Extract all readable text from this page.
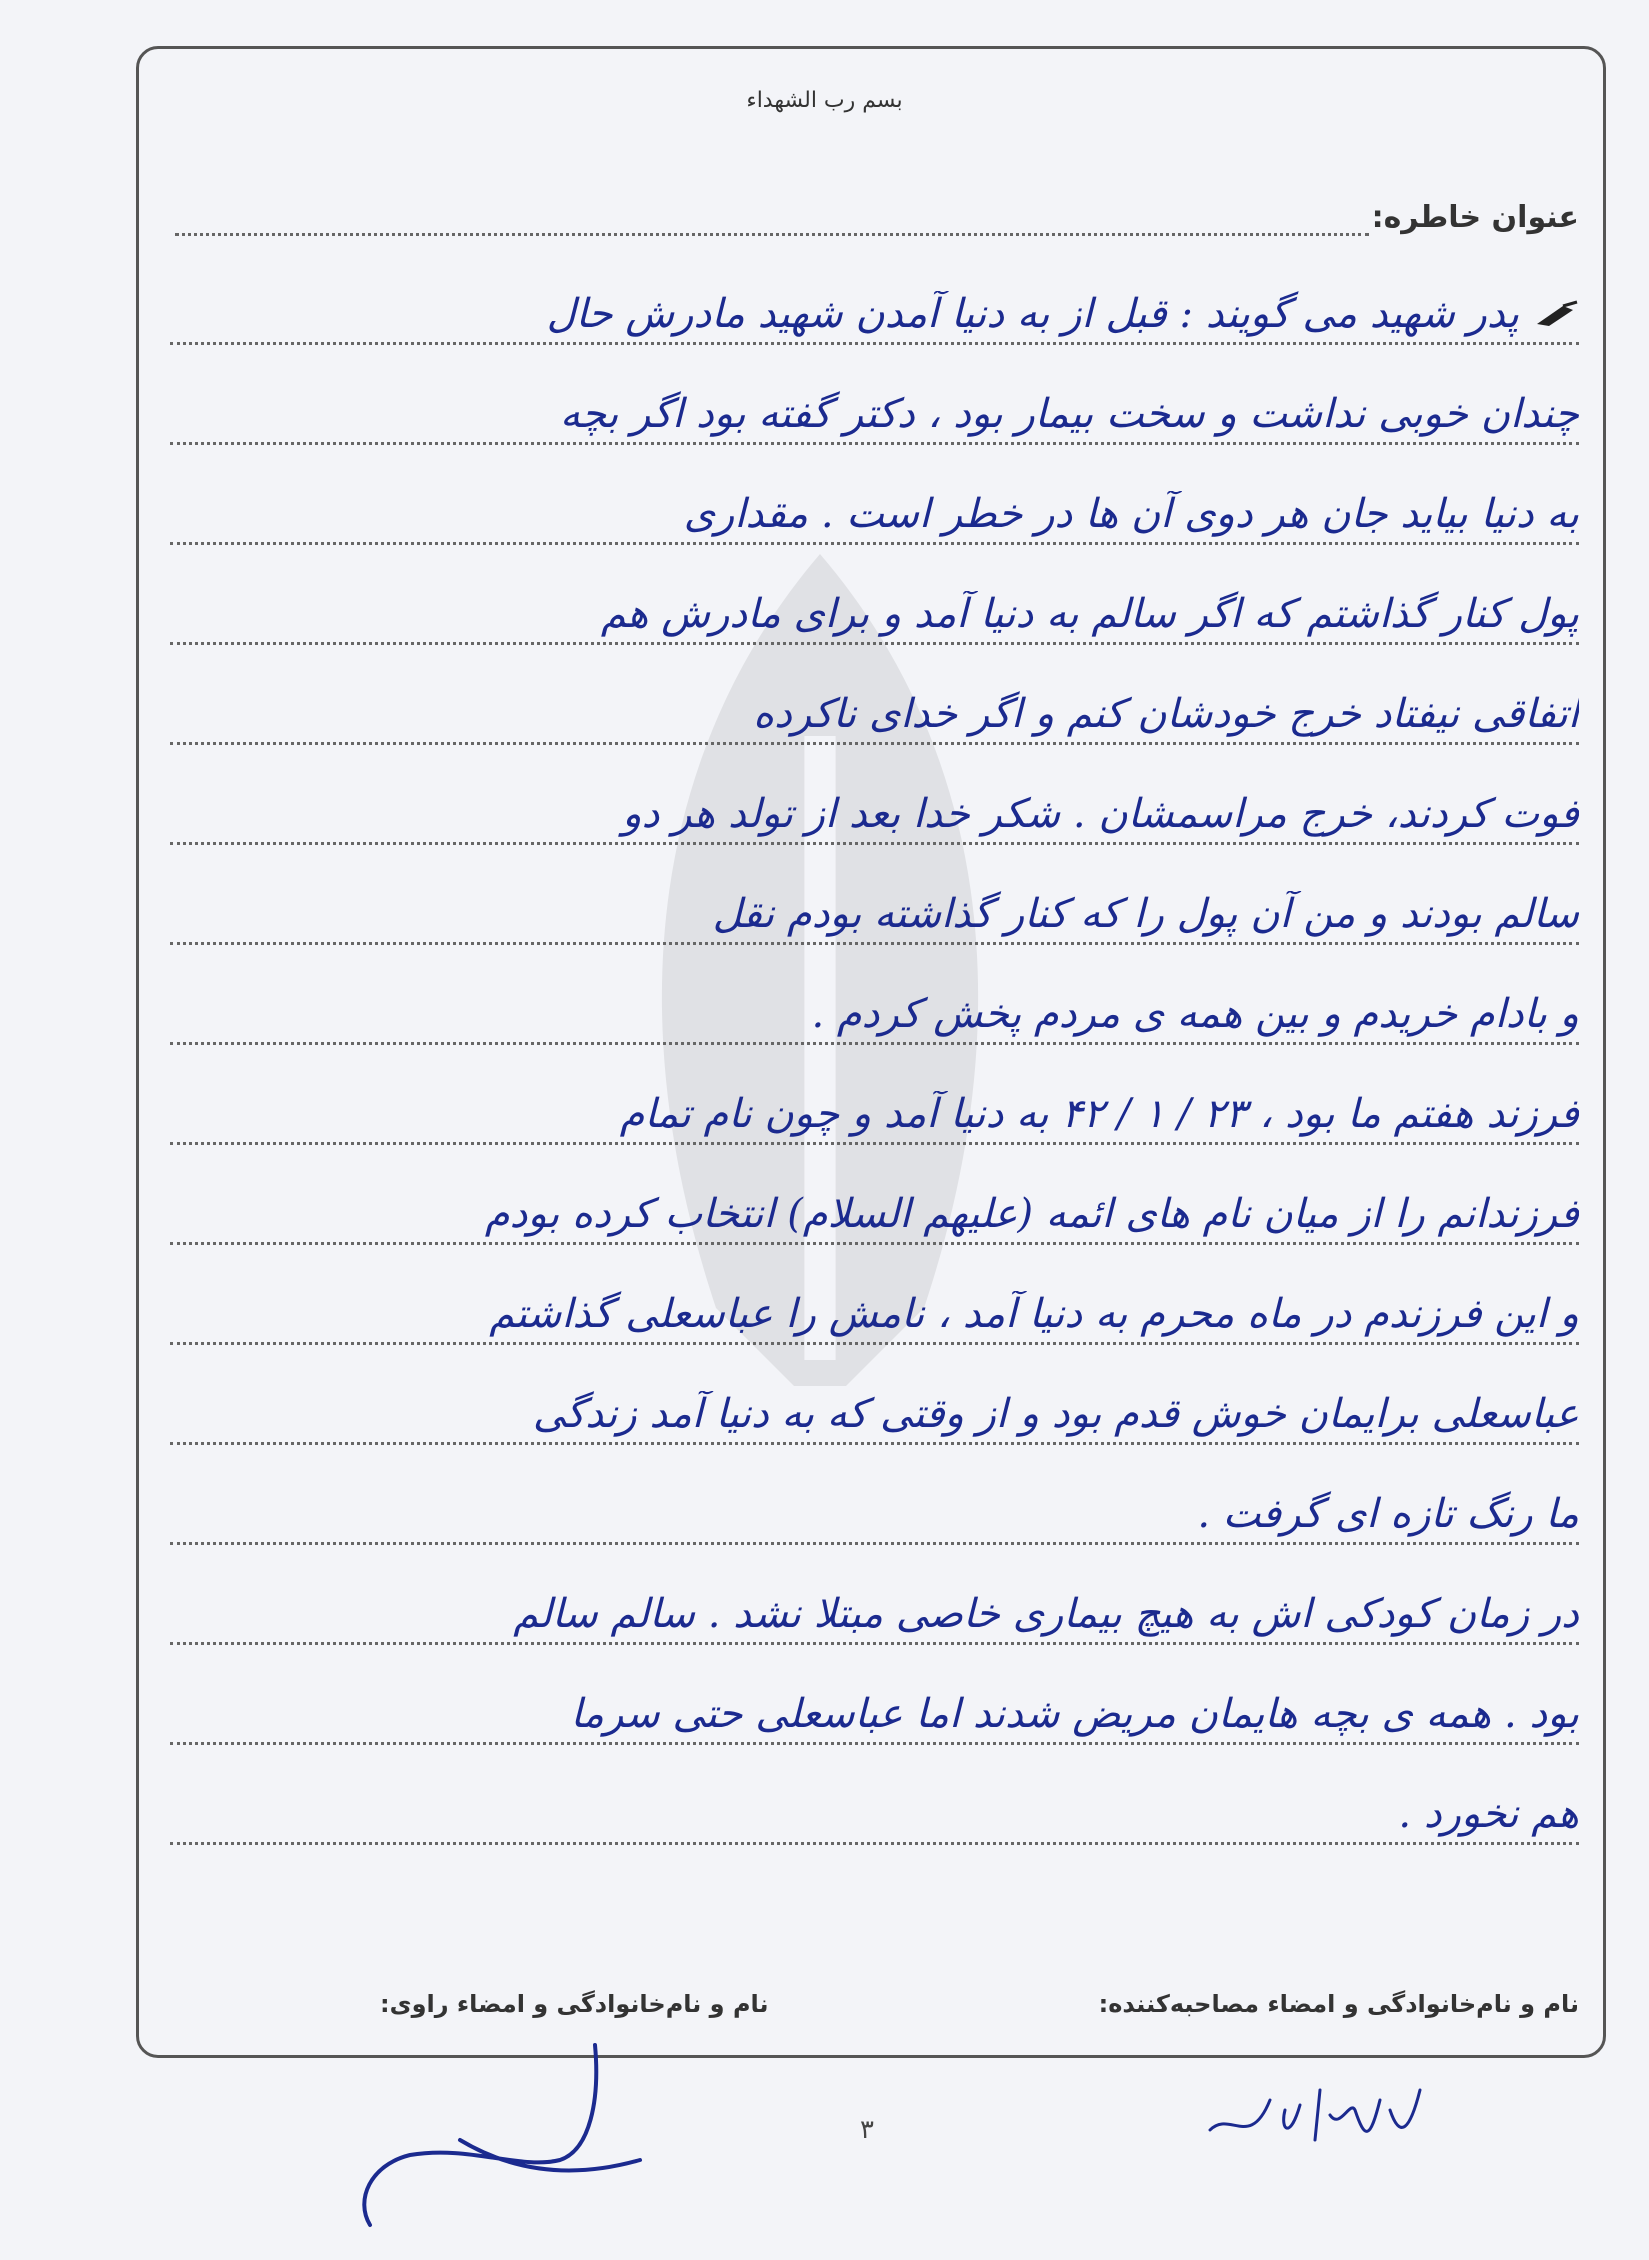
بسم رب الشهداء
عنوان خاطره:
پدر شهید می گویند : قبل از به دنیا آمدن شهید مادرش حال
چندان خوبی نداشت و سخت بیمار بود ، دکتر گفته بود اگر بچه
به دنیا بیاید جان هر دوی آن ها در خطر است . مقداری
پول کنار گذاشتم که اگر سالم به دنیا آمد و برای مادرش هم
اتفاقی نیفتاد خرج خودشان کنم و اگر خدای ناکرده
فوت کردند، خرج مراسمشان . شکر خدا بعد از تولد هر دو
سالم بودند و من آن پول را که کنار گذاشته بودم نقل
و بادام خریدم و بین همه ی مردم پخش کردم .
فرزند هفتم ما بود ، ۲۳ / ۱ / ۴۲ به دنیا آمد و چون نام تمام
فرزندانم را از میان نام های ائمه (علیهم السلام) انتخاب کرده بودم
و این فرزندم در ماه محرم به دنیا آمد ، نامش را عباسعلی گذاشتم
عباسعلی برایمان خوش قدم بود و از وقتی که به دنیا آمد زندگی
ما رنگ تازه ای گرفت .
در زمان کودکی اش به هیچ بیماری خاصی مبتلا نشد . سالم سالم
بود . همه ی بچه هایمان مریض شدند اما عباسعلی حتی سرما
هم نخورد .
نام و نام‌خانوادگی و امضاء مصاحبه‌کننده:
نام و نام‌خانوادگی و امضاء راوی:
۳
